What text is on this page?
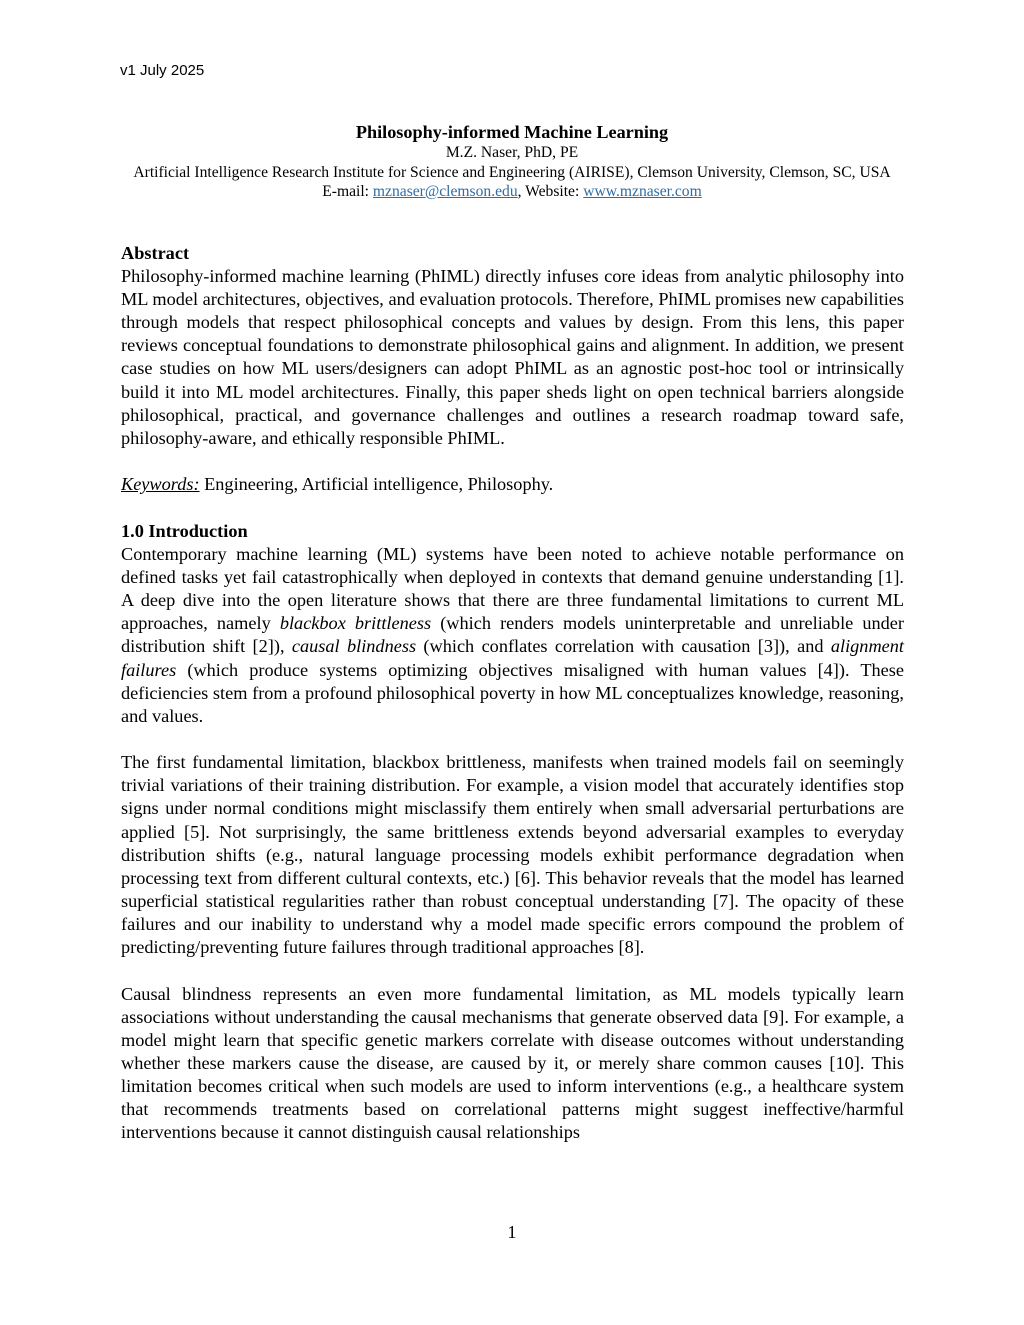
v1 July 2025
Philosophy-informed Machine Learning
M.Z. Naser, PhD, PE
Artificial Intelligence Research Institute for Science and Engineering (AIRISE), Clemson University, Clemson, SC, USA
E-mail: mznaser@clemson.edu, Website: www.mznaser.com
Abstract

Philosophy-informed machine learning (PhIML) directly infuses core ideas from analytic philosophy into ML model architectures, objectives, and evaluation protocols. Therefore, PhIML promises new capabilities through models that respect philosophical concepts and values by design. From this lens, this paper reviews conceptual foundations to demonstrate philosophical gains and alignment. In addition, we present case studies on how ML users/designers can adopt PhIML as an agnostic post-hoc tool or intrinsically build it into ML model architectures. Finally, this paper sheds light on open technical barriers alongside philosophical, practical, and governance challenges and outlines a research roadmap toward safe, philosophy-aware, and ethically responsible PhIML.

Keywords: Engineering, Artificial intelligence, Philosophy.

1.0 Introduction

Contemporary machine learning (ML) systems have been noted to achieve notable performance on defined tasks yet fail catastrophically when deployed in contexts that demand genuine understanding [1]. A deep dive into the open literature shows that there are three fundamental limitations to current ML approaches, namely blackbox brittleness (which renders models uninterpretable and unreliable under distribution shift [2]), causal blindness (which conflates correlation with causation [3]), and alignment failures (which produce systems optimizing objectives misaligned with human values [4]). These deficiencies stem from a profound philosophical poverty in how ML conceptualizes knowledge, reasoning, and values.

The first fundamental limitation, blackbox brittleness, manifests when trained models fail on seemingly trivial variations of their training distribution. For example, a vision model that accurately identifies stop signs under normal conditions might misclassify them entirely when small adversarial perturbations are applied [5]. Not surprisingly, the same brittleness extends beyond adversarial examples to everyday distribution shifts (e.g., natural language processing models exhibit performance degradation when processing text from different cultural contexts, etc.) [6]. This behavior reveals that the model has learned superficial statistical regularities rather than robust conceptual understanding [7]. The opacity of these failures and our inability to understand why a model made specific errors compound the problem of predicting/preventing future failures through traditional approaches [8].

Causal blindness represents an even more fundamental limitation, as ML models typically learn associations without understanding the causal mechanisms that generate observed data [9]. For example, a model might learn that specific genetic markers correlate with disease outcomes without understanding whether these markers cause the disease, are caused by it, or merely share common causes [10]. This limitation becomes critical when such models are used to inform interventions (e.g., a healthcare system that recommends treatments based on correlational patterns might suggest ineffective/harmful interventions because it cannot distinguish causal relationships

1
